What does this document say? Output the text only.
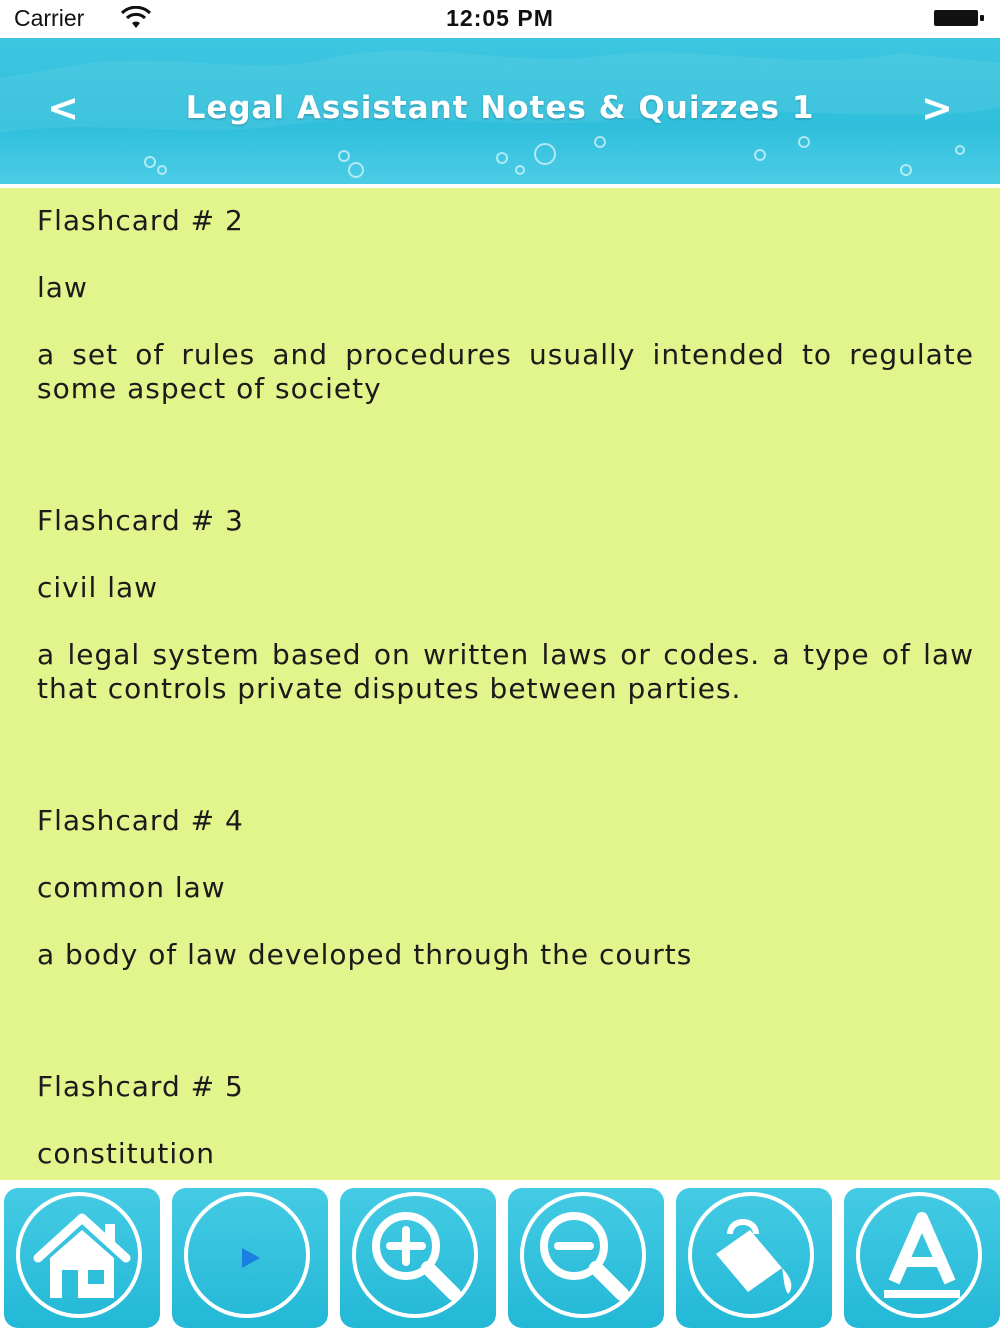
Carrier	12:05 PM
<	Legal Assistant Notes & Quizzes 1	>
Flashcard # 2
law
a set of rules and procedures usually intended to regulate some aspect of society
Flashcard # 3
civil law
a legal system based on written laws or codes. a type of law that controls private disputes between parties.
Flashcard # 4
common law
a body of law developed through the courts
Flashcard # 5
constitution
